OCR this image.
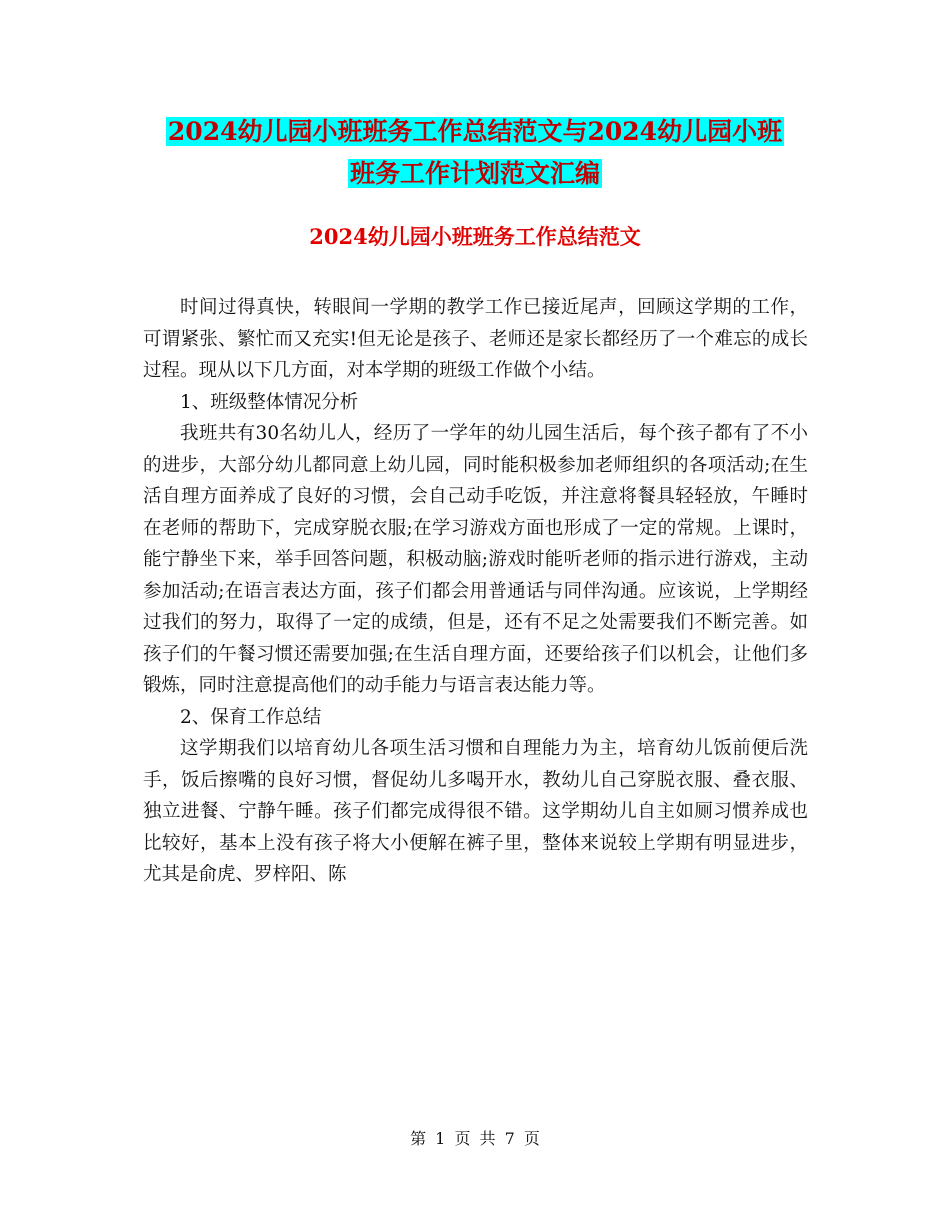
2024幼儿园小班班务工作总结范文与2024幼儿园小班
班务工作计划范文汇编
2024幼儿园小班班务工作总结范文

时间过得真快，转眼间一学期的教学工作已接近尾声，回顾这学期的工作，可谓紧张、繁忙而又充实!但无论是孩子、老师还是家长都经历了一个难忘的成长过程。现从以下几方面，对本学期的班级工作做个小结。

1、班级整体情况分析

我班共有30名幼儿人，经历了一学年的幼儿园生活后，每个孩子都有了不小的进步，大部分幼儿都同意上幼儿园，同时能积极参加老师组织的各项活动;在生活自理方面养成了良好的习惯，会自己动手吃饭，并注意将餐具轻轻放，午睡时在老师的帮助下，完成穿脱衣服;在学习游戏方面也形成了一定的常规。上课时，能宁静坐下来，举手回答问题，积极动脑;游戏时能听老师的指示进行游戏，主动参加活动;在语言表达方面，孩子们都会用普通话与同伴沟通。应该说，上学期经过我们的努力，取得了一定的成绩，但是，还有不足之处需要我们不断完善。如孩子们的午餐习惯还需要加强;在生活自理方面，还要给孩子们以机会，让他们多锻炼，同时注意提高他们的动手能力与语言表达能力等。

2、保育工作总结

这学期我们以培育幼儿各项生活习惯和自理能力为主，培育幼儿饭前便后洗手，饭后擦嘴的良好习惯，督促幼儿多喝开水，教幼儿自己穿脱衣服、叠衣服、独立进餐、宁静午睡。孩子们都完成得很不错。这学期幼儿自主如厕习惯养成也比较好，基本上没有孩子将大小便解在裤子里，整体来说较上学期有明显进步，尤其是俞虎、罗梓阳、陈

第 1 页 共 7 页
